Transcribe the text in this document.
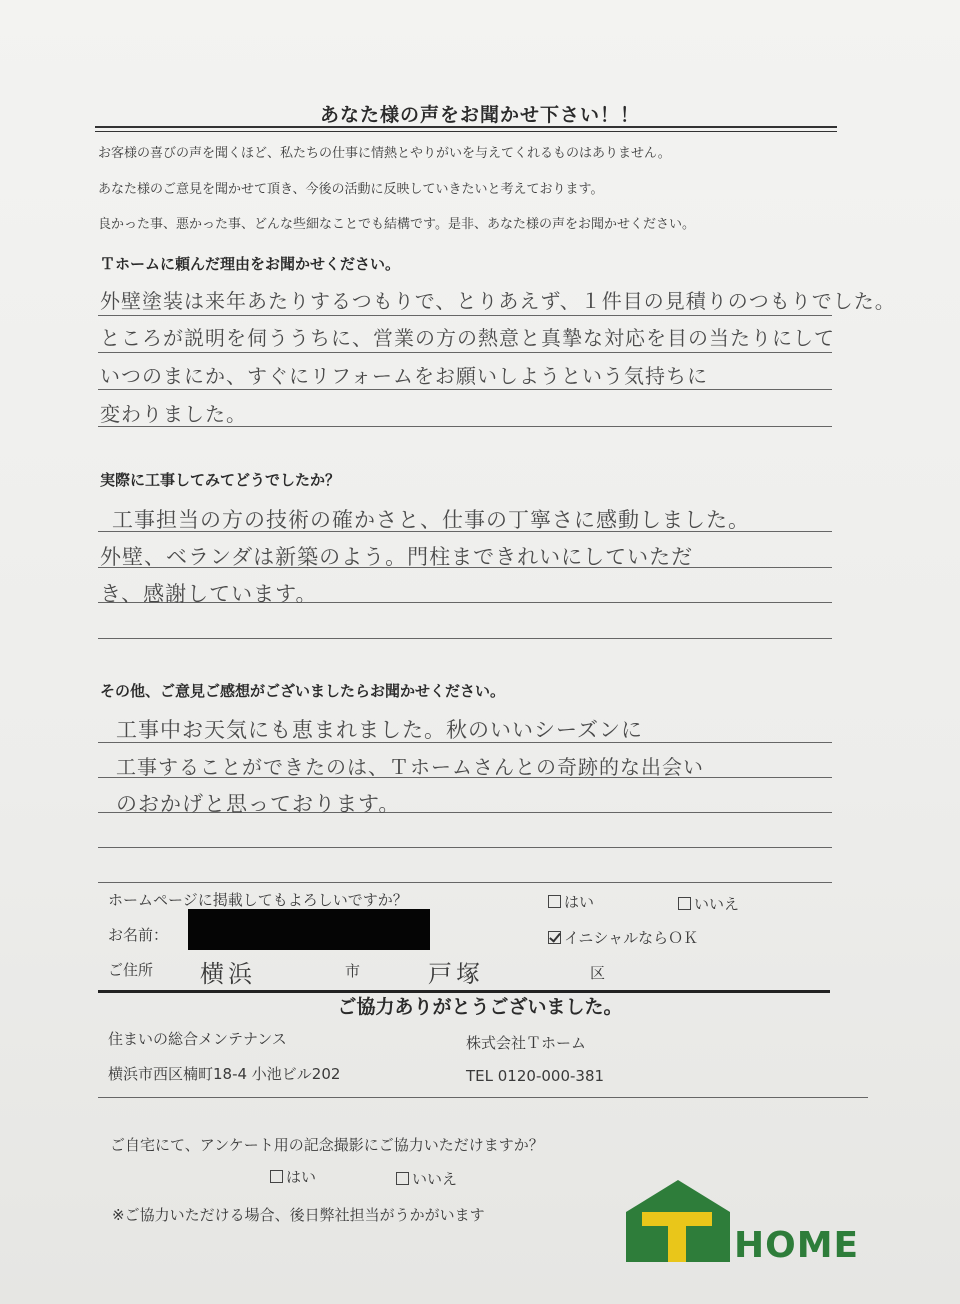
あなた様の声をお聞かせ下さい！！
お客様の喜びの声を聞くほど、私たちの仕事に情熱とやりがいを与えてくれるものはありません。
あなた様のご意見を聞かせて頂き、今後の活動に反映していきたいと考えております。
良かった事、悪かった事、どんな些細なことでも結構です。是非、あなた様の声をお聞かせください。
Ｔホームに頼んだ理由をお聞かせください。
外壁塗装は来年あたりするつもりで、とりあえず、１件目の見積りのつもりでした。
ところが説明を伺ううちに、営業の方の熱意と真摯な対応を目の当たりにして
いつのまにか、すぐにリフォームをお願いしようという気持ちに
変わりました。
実際に工事してみてどうでしたか？
工事担当の方の技術の確かさと、仕事の丁寧さに感動しました。
外壁、ベランダは新築のよう。門柱まできれいにしていただ
き、感謝しています。
その他、ご意見ご感想がございましたらお聞かせください。
工事中お天気にも恵まれました。秋のいいシーズンに
工事することができたのは、Ｔホームさんとの奇跡的な出会い
のおかげと思っております。
ホームページに掲載してもよろしいですか？	はい	いいえ
お名前：	イニシャルならＯＫ
ご住所 横浜	市	戸塚	区
ご協力ありがとうございました。
住まいの総合メンテナンス	株式会社Ｔホーム
横浜市西区楠町18-4 小池ビル202	TEL 0120-000-381
ご自宅にて、アンケート用の記念撮影にご協力いただけますか？
はい	いいえ
※ご協力いただける場合、後日弊社担当がうかがいます
HOME
